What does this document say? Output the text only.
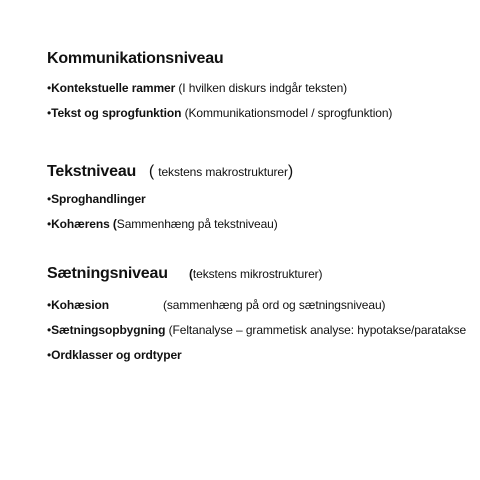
Kommunikationsniveau
•Kontekstuelle rammer (I hvilken diskurs indgår teksten)
•Tekst og sprogfunktion (Kommunikationsmodel / sprogfunktion)
Tekstniveau ( tekstens makrostrukturer)
•Sproghandlinger
•Kohærens (Sammenhæng på tekstniveau)
Sætningsniveau (tekstens mikrostrukturer)
•Kohæsion	(sammenhæng på ord og sætningsniveau)
•Sætningsopbygning (Feltanalyse – grammetisk analyse: hypotakse/parataksе
•Ordklasser og ordtyper
